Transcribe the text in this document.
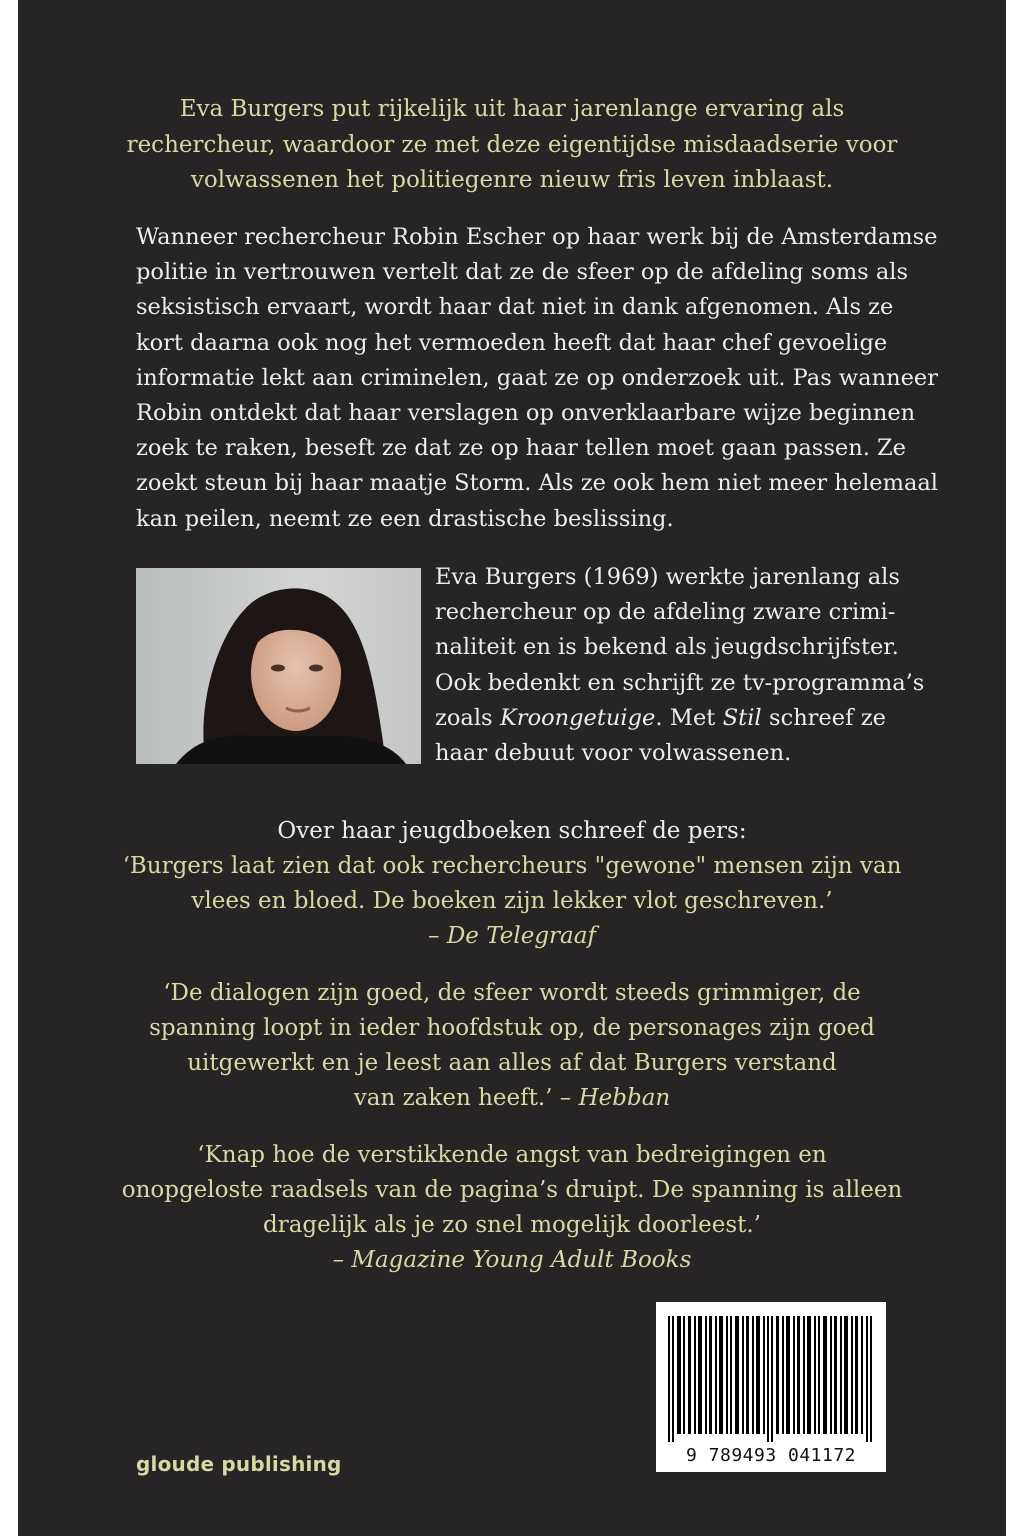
Eva Burgers put rijkelijk uit haar jarenlange ervaring als
rechercheur, waardoor ze met deze eigentijdse misdaadserie voor
volwassenen het politiegenre nieuw fris leven inblaast.
Wanneer rechercheur Robin Escher op haar werk bij de Amsterdamse
politie in vertrouwen vertelt dat ze de sfeer op de afdeling soms als
seksistisch ervaart, wordt haar dat niet in dank afgenomen. Als ze
kort daarna ook nog het vermoeden heeft dat haar chef gevoelige
informatie lekt aan criminelen, gaat ze op onderzoek uit. Pas wanneer
Robin ontdekt dat haar verslagen op onverklaarbare wijze beginnen
zoek te raken, beseft ze dat ze op haar tellen moet gaan passen. Ze
zoekt steun bij haar maatje Storm. Als ze ook hem niet meer helemaal
kan peilen, neemt ze een drastische beslissing.
Eva Burgers (1969) werkte jarenlang als
rechercheur op de afdeling zware crimi-
naliteit en is bekend als jeugdschrijfster.
Ook bedenkt en schrijft ze tv-programma’s
zoals Kroongetuige. Met Stil schreef ze
haar debuut voor volwassenen.
Over haar jeugdboeken schreef de pers:
‘Burgers laat zien dat ook rechercheurs "gewone" mensen zijn van
vlees en bloed. De boeken zijn lekker vlot geschreven.’
– De Telegraaf
‘De dialogen zijn goed, de sfeer wordt steeds grimmiger, de
spanning loopt in ieder hoofdstuk op, de personages zijn goed
uitgewerkt en je leest aan alles af dat Burgers verstand
van zaken heeft.’ – Hebban
‘Knap hoe de verstikkende angst van bedreigingen en
onopgeloste raadsels van de pagina’s druipt. De spanning is alleen
dragelijk als je zo snel mogelijk doorleest.’
– Magazine Young Adult Books
gloude publishing	9 789493 041172
